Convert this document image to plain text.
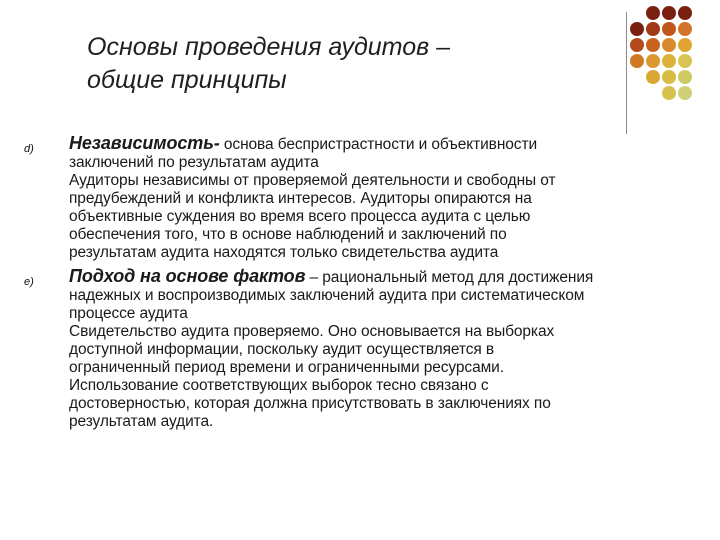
Основы проведения аудитов –
общие принципы
d) Независимость- основа беспристрастности и объективности
заключений по результатам аудита
Аудиторы независимы от проверяемой деятельности и свободны от
предубеждений и конфликта интересов. Аудиторы опираются на
объективные суждения во время всего процесса аудита с целью
обеспечения того, что в основе наблюдений и заключений по
результатам аудита находятся только свидетельства аудита
e) Подход на основе фактов – рациональный метод для достижения
надежных и воспроизводимых заключений аудита при систематическом
процессе аудита
Свидетельство аудита проверяемо. Оно основывается на выборках
доступной информации, поскольку аудит осуществляется в
ограниченный период времени и ограниченными ресурсами.
Использование соответствующих выборок тесно связано с
достоверностью, которая должна присутствовать в заключениях по
результатам аудита.
